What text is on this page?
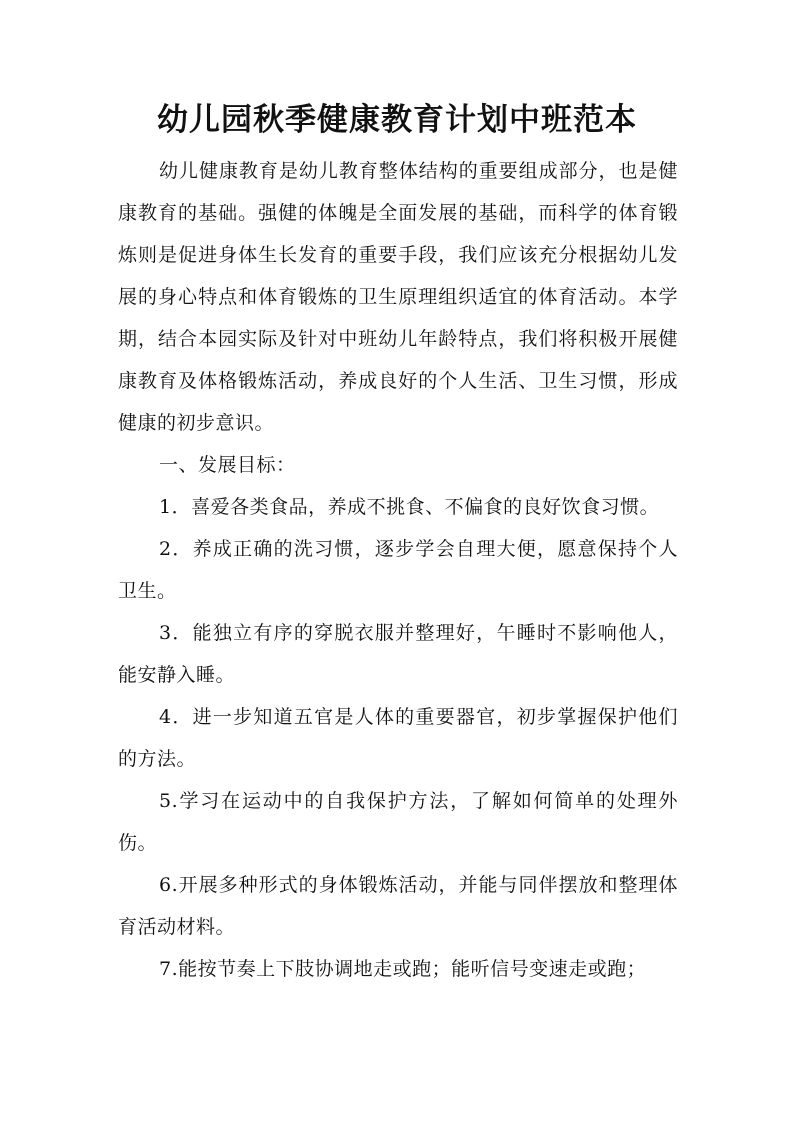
幼儿园秋季健康教育计划中班范本

幼儿健康教育是幼儿教育整体结构的重要组成部分，也是健康教育的基础。强健的体魄是全面发展的基础，而科学的体育锻炼则是促进身体生长发育的重要手段，我们应该充分根据幼儿发展的身心特点和体育锻炼的卫生原理组织适宜的体育活动。本学期，结合本园实际及针对中班幼儿年龄特点，我们将积极开展健康教育及体格锻炼活动，养成良好的个人生活、卫生习惯，形成健康的初步意识。

一、发展目标：

1．喜爱各类食品，养成不挑食、不偏食的良好饮食习惯。

2．养成正确的洗习惯，逐步学会自理大便，愿意保持个人卫生。

3．能独立有序的穿脱衣服并整理好，午睡时不影响他人，能安静入睡。

4．进一步知道五官是人体的重要器官，初步掌握保护他们的方法。

5.学习在运动中的自我保护方法，了解如何简单的处理外伤。

6.开展多种形式的身体锻炼活动，并能与同伴摆放和整理体育活动材料。

7.能按节奏上下肢协调地走或跑；能听信号变速走或跑；
